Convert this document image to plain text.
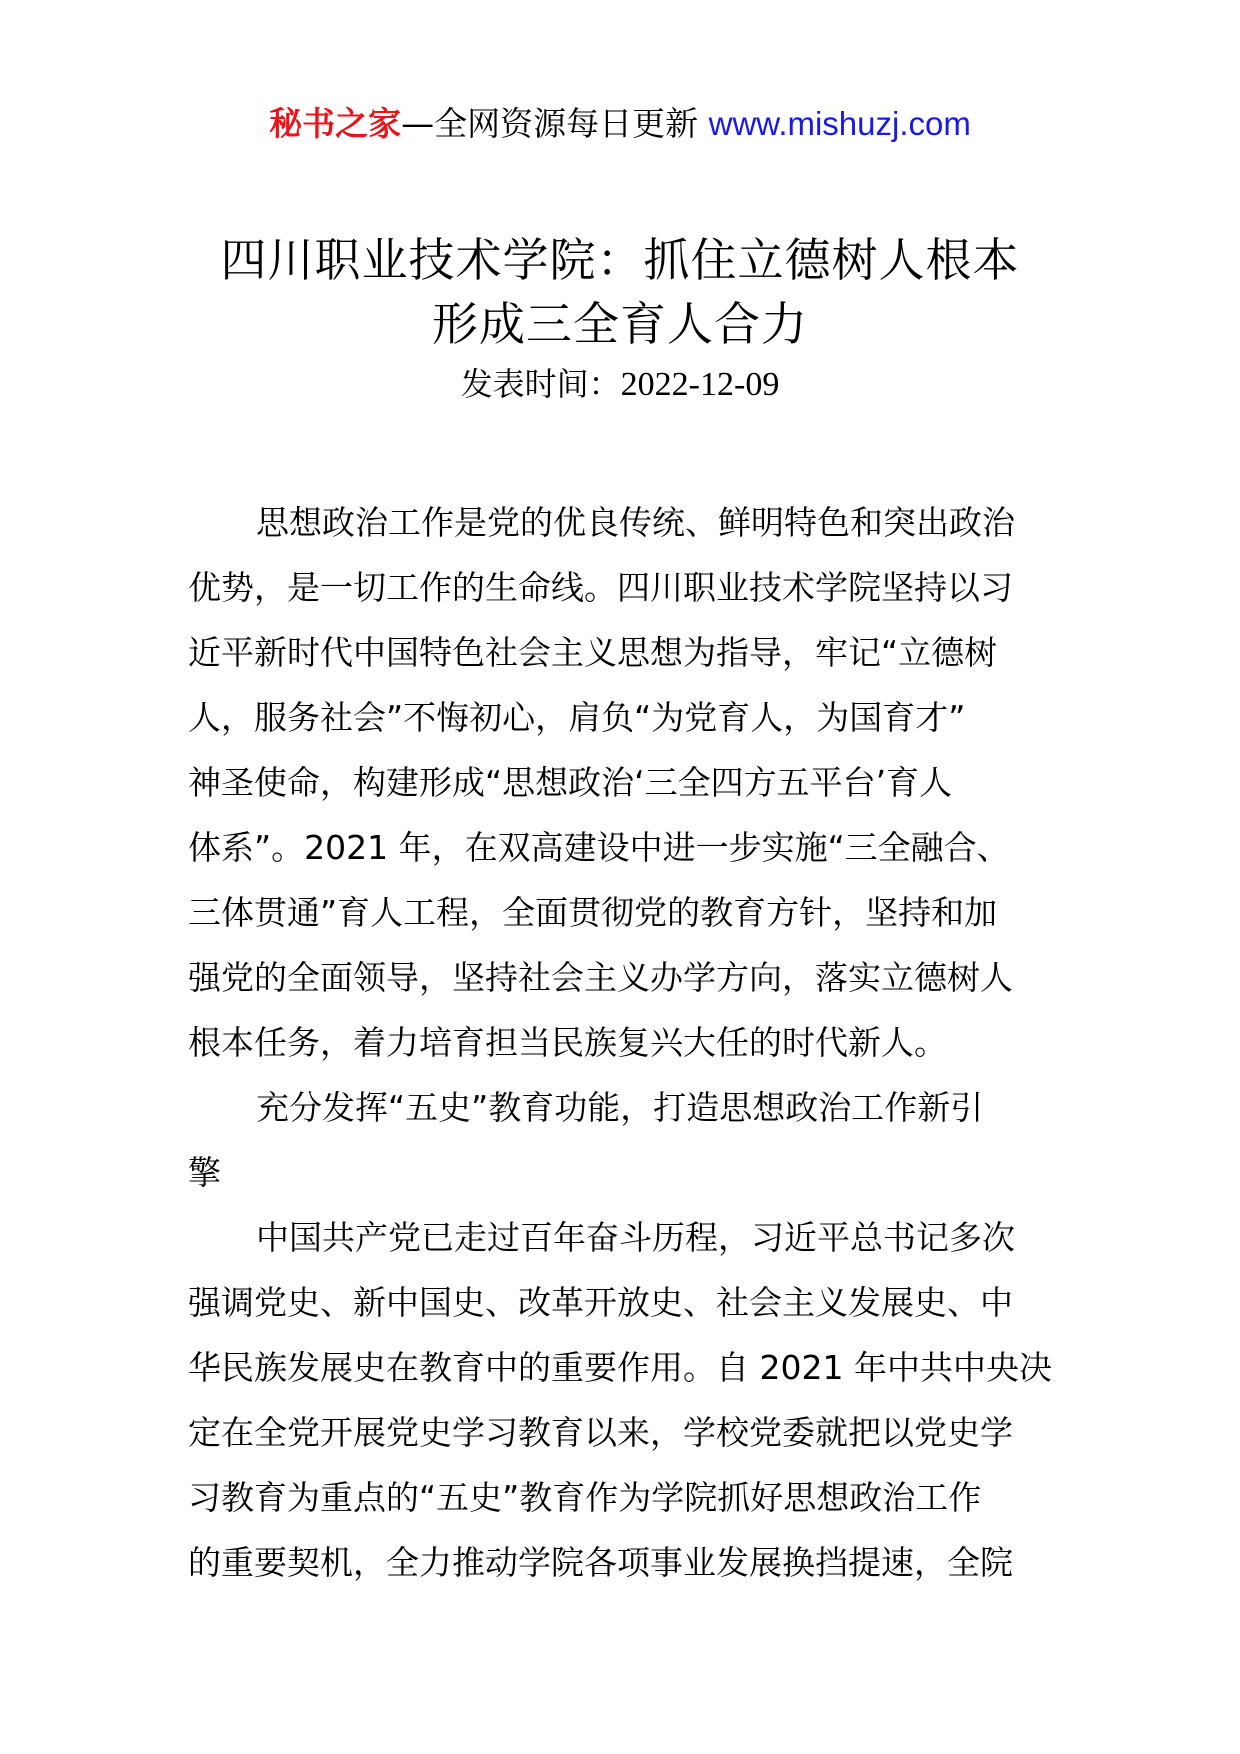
秘书之家—全网资源每日更新 www.mishuzj.com
四川职业技术学院：抓住立德树人根本
形成三全育人合力
发表时间：2022-12-09
思想政治工作是党的优良传统、鲜明特色和突出政治
优势，是一切工作的生命线。四川职业技术学院坚持以习
近平新时代中国特色社会主义思想为指导，牢记“立德树
人，服务社会”不悔初心，肩负“为党育人，为国育才”
神圣使命，构建形成“思想政治‘三全四方五平台’育人
体系”。2021 年，在双高建设中进一步实施“三全融合、
三体贯通”育人工程，全面贯彻党的教育方针，坚持和加
强党的全面领导，坚持社会主义办学方向，落实立德树人
根本任务，着力培育担当民族复兴大任的时代新人。
充分发挥“五史”教育功能，打造思想政治工作新引
擎
中国共产党已走过百年奋斗历程，习近平总书记多次
强调党史、新中国史、改革开放史、社会主义发展史、中
华民族发展史在教育中的重要作用。自 2021 年中共中央决
定在全党开展党史学习教育以来，学校党委就把以党史学
习教育为重点的“五史”教育作为学院抓好思想政治工作
的重要契机，全力推动学院各项事业发展换挡提速，全院
